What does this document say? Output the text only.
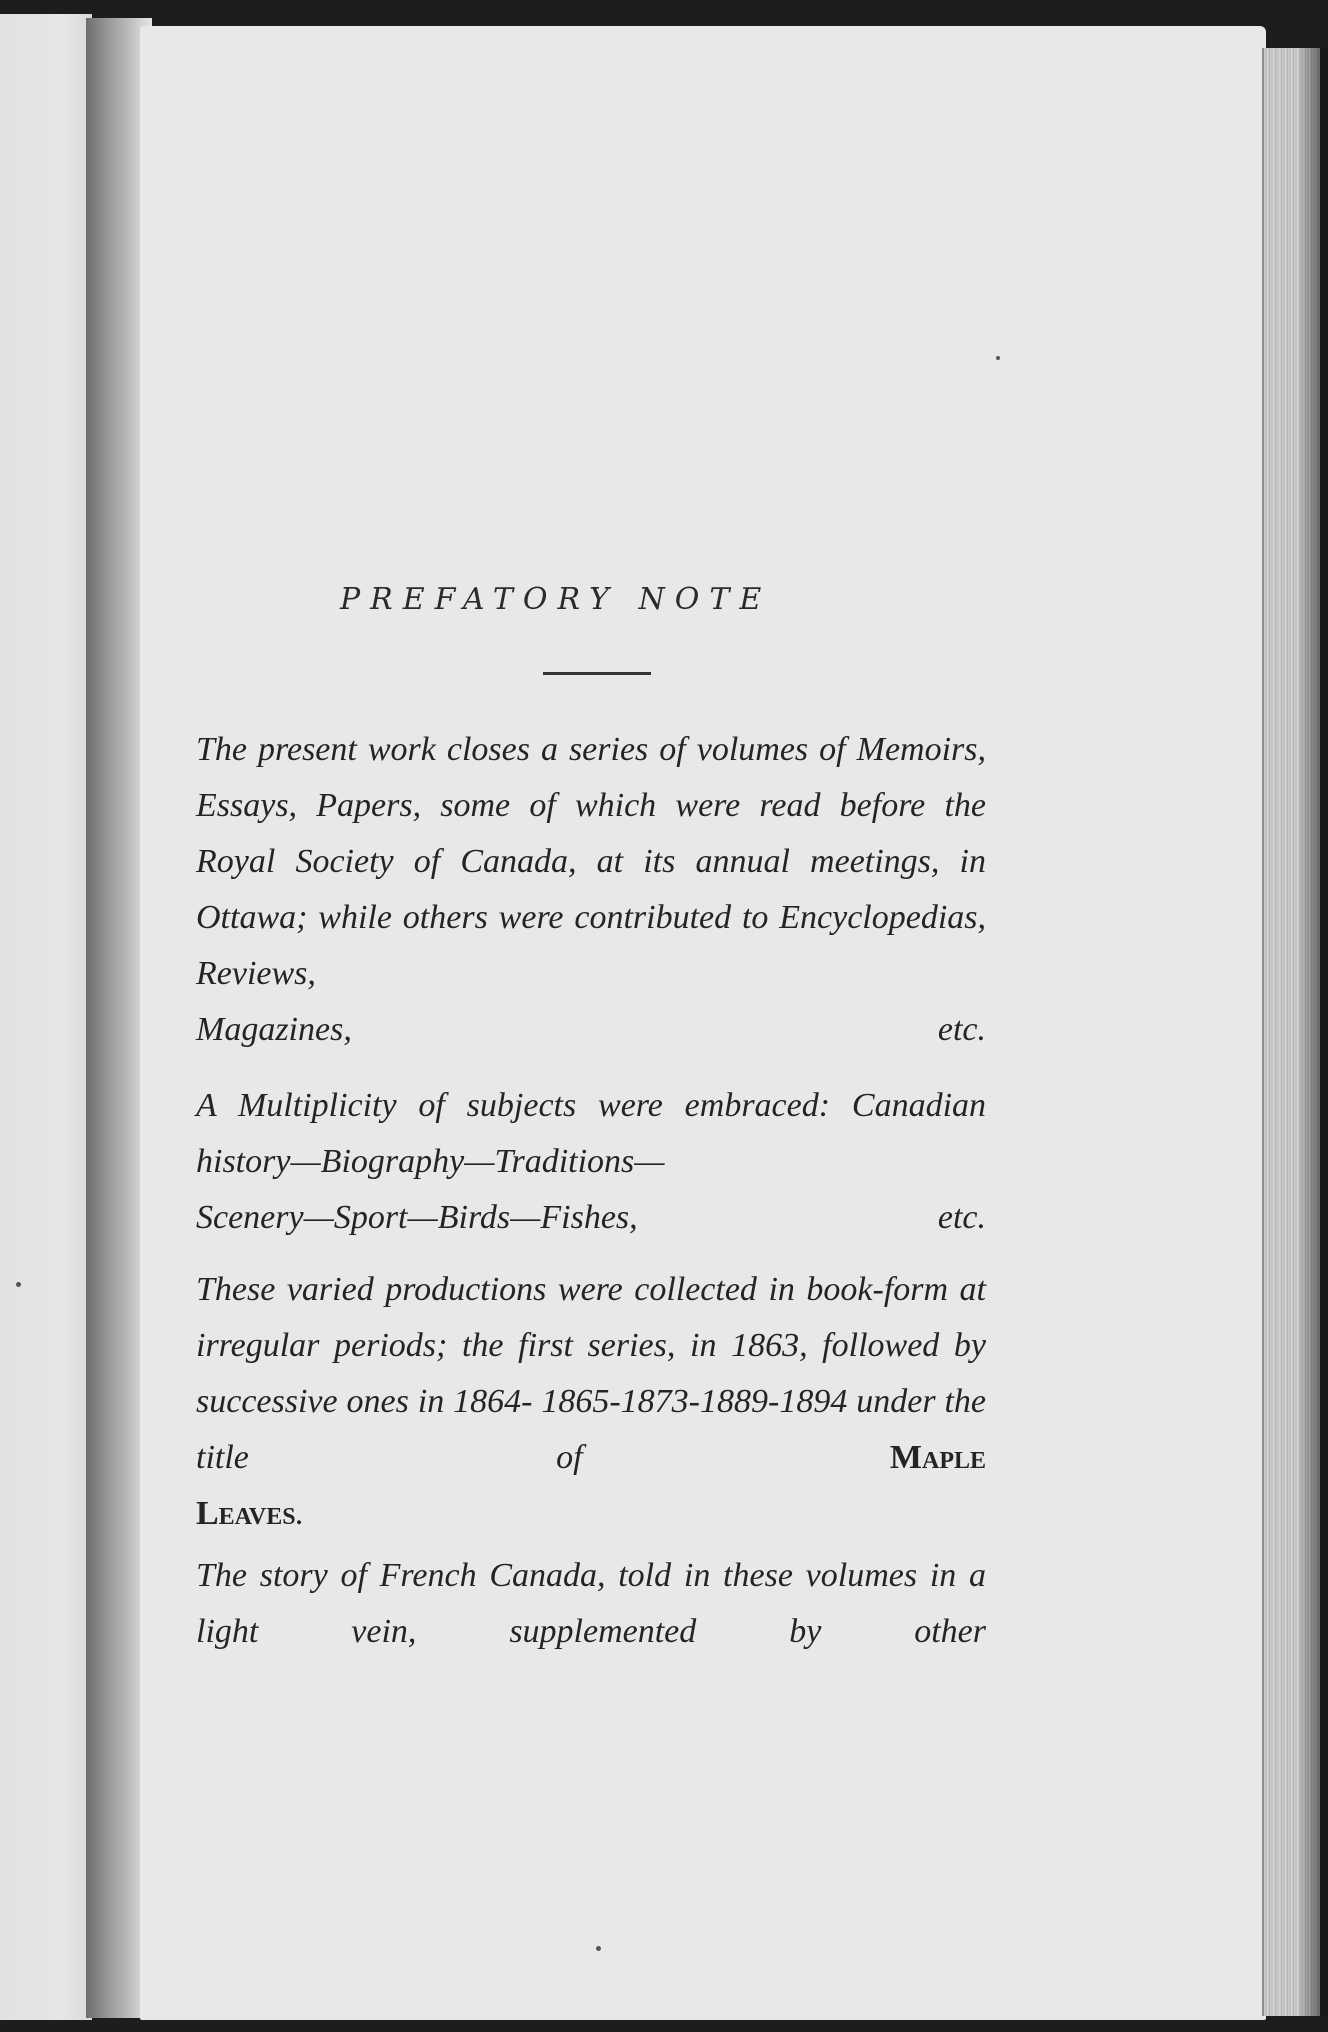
PREFATORY NOTE

The present work closes a series of volumes of Memoirs, Essays, Papers, some of which were read before the Royal Society of Canada, at its annual meetings, in Ottawa; while others were contributed to Encyclopedias, Reviews,
Magazines, etc.

A Multiplicity of subjects were embraced: Canadian history—Biography—Traditions—
Scenery—Sport—Birds—Fishes, etc.

These varied productions were collected in book-form at irregular periods; the first series, in 1863, followed by successive ones in 1864- 1865-1873-1889-1894 under the title of	Maple
Leaves.

The story of French Canada, told in these volumes in a light vein, supplemented by other
